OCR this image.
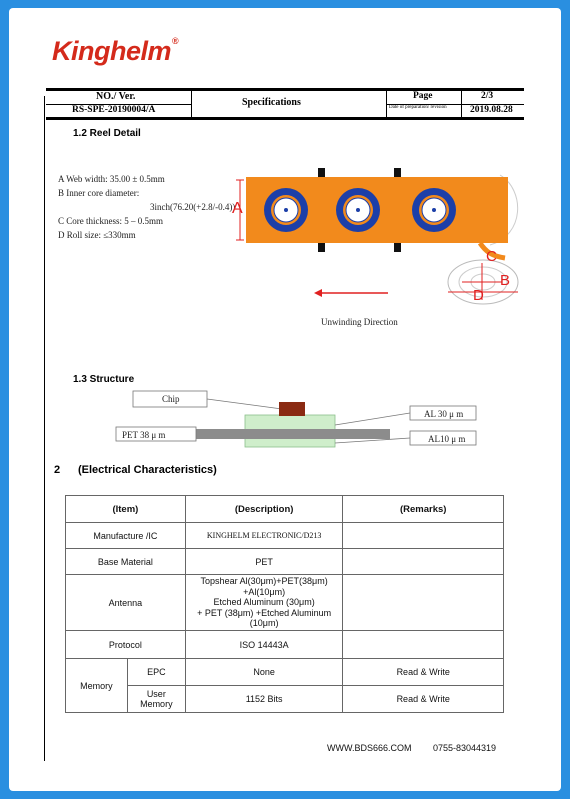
Kinghelm®
NO./ Ver.
RS-SPE-20190004/A
Specifications
Page	2/3
Date of preparation/ revision	2019.08.28
1.2 Reel Detail
A Web width: 35.00 ± 0.5mm
B Inner core diameter:
3inch(76.20(+2.8/-0.4))
C Core thickness: 5 – 0.5mm
D Roll size: ≤330mm
A
C
B
D
Unwinding Direction
1.3 Structure
Chip
PET 38 μ m
AL 30 μ m
AL10 μ m
2 (Electrical Characteristics)
(Item)		(Description)	(Remarks)
Manufacture /IC		KINGHELM ELECTRONIC/D213	
Base Material		PET	
Antenna		Topshear Al(30μm)+PET(38μm)
+Al(10μm)
Etched Aluminum (30μm)
+ PET (38μm) +Etched Aluminum
(10μm)	

Protocol		ISO 14443A	
Memory	EPC	None	Read & Write
	User Memory	1152 Bits	Read & Write
WWW.BDS666.COM 0755-83044319
